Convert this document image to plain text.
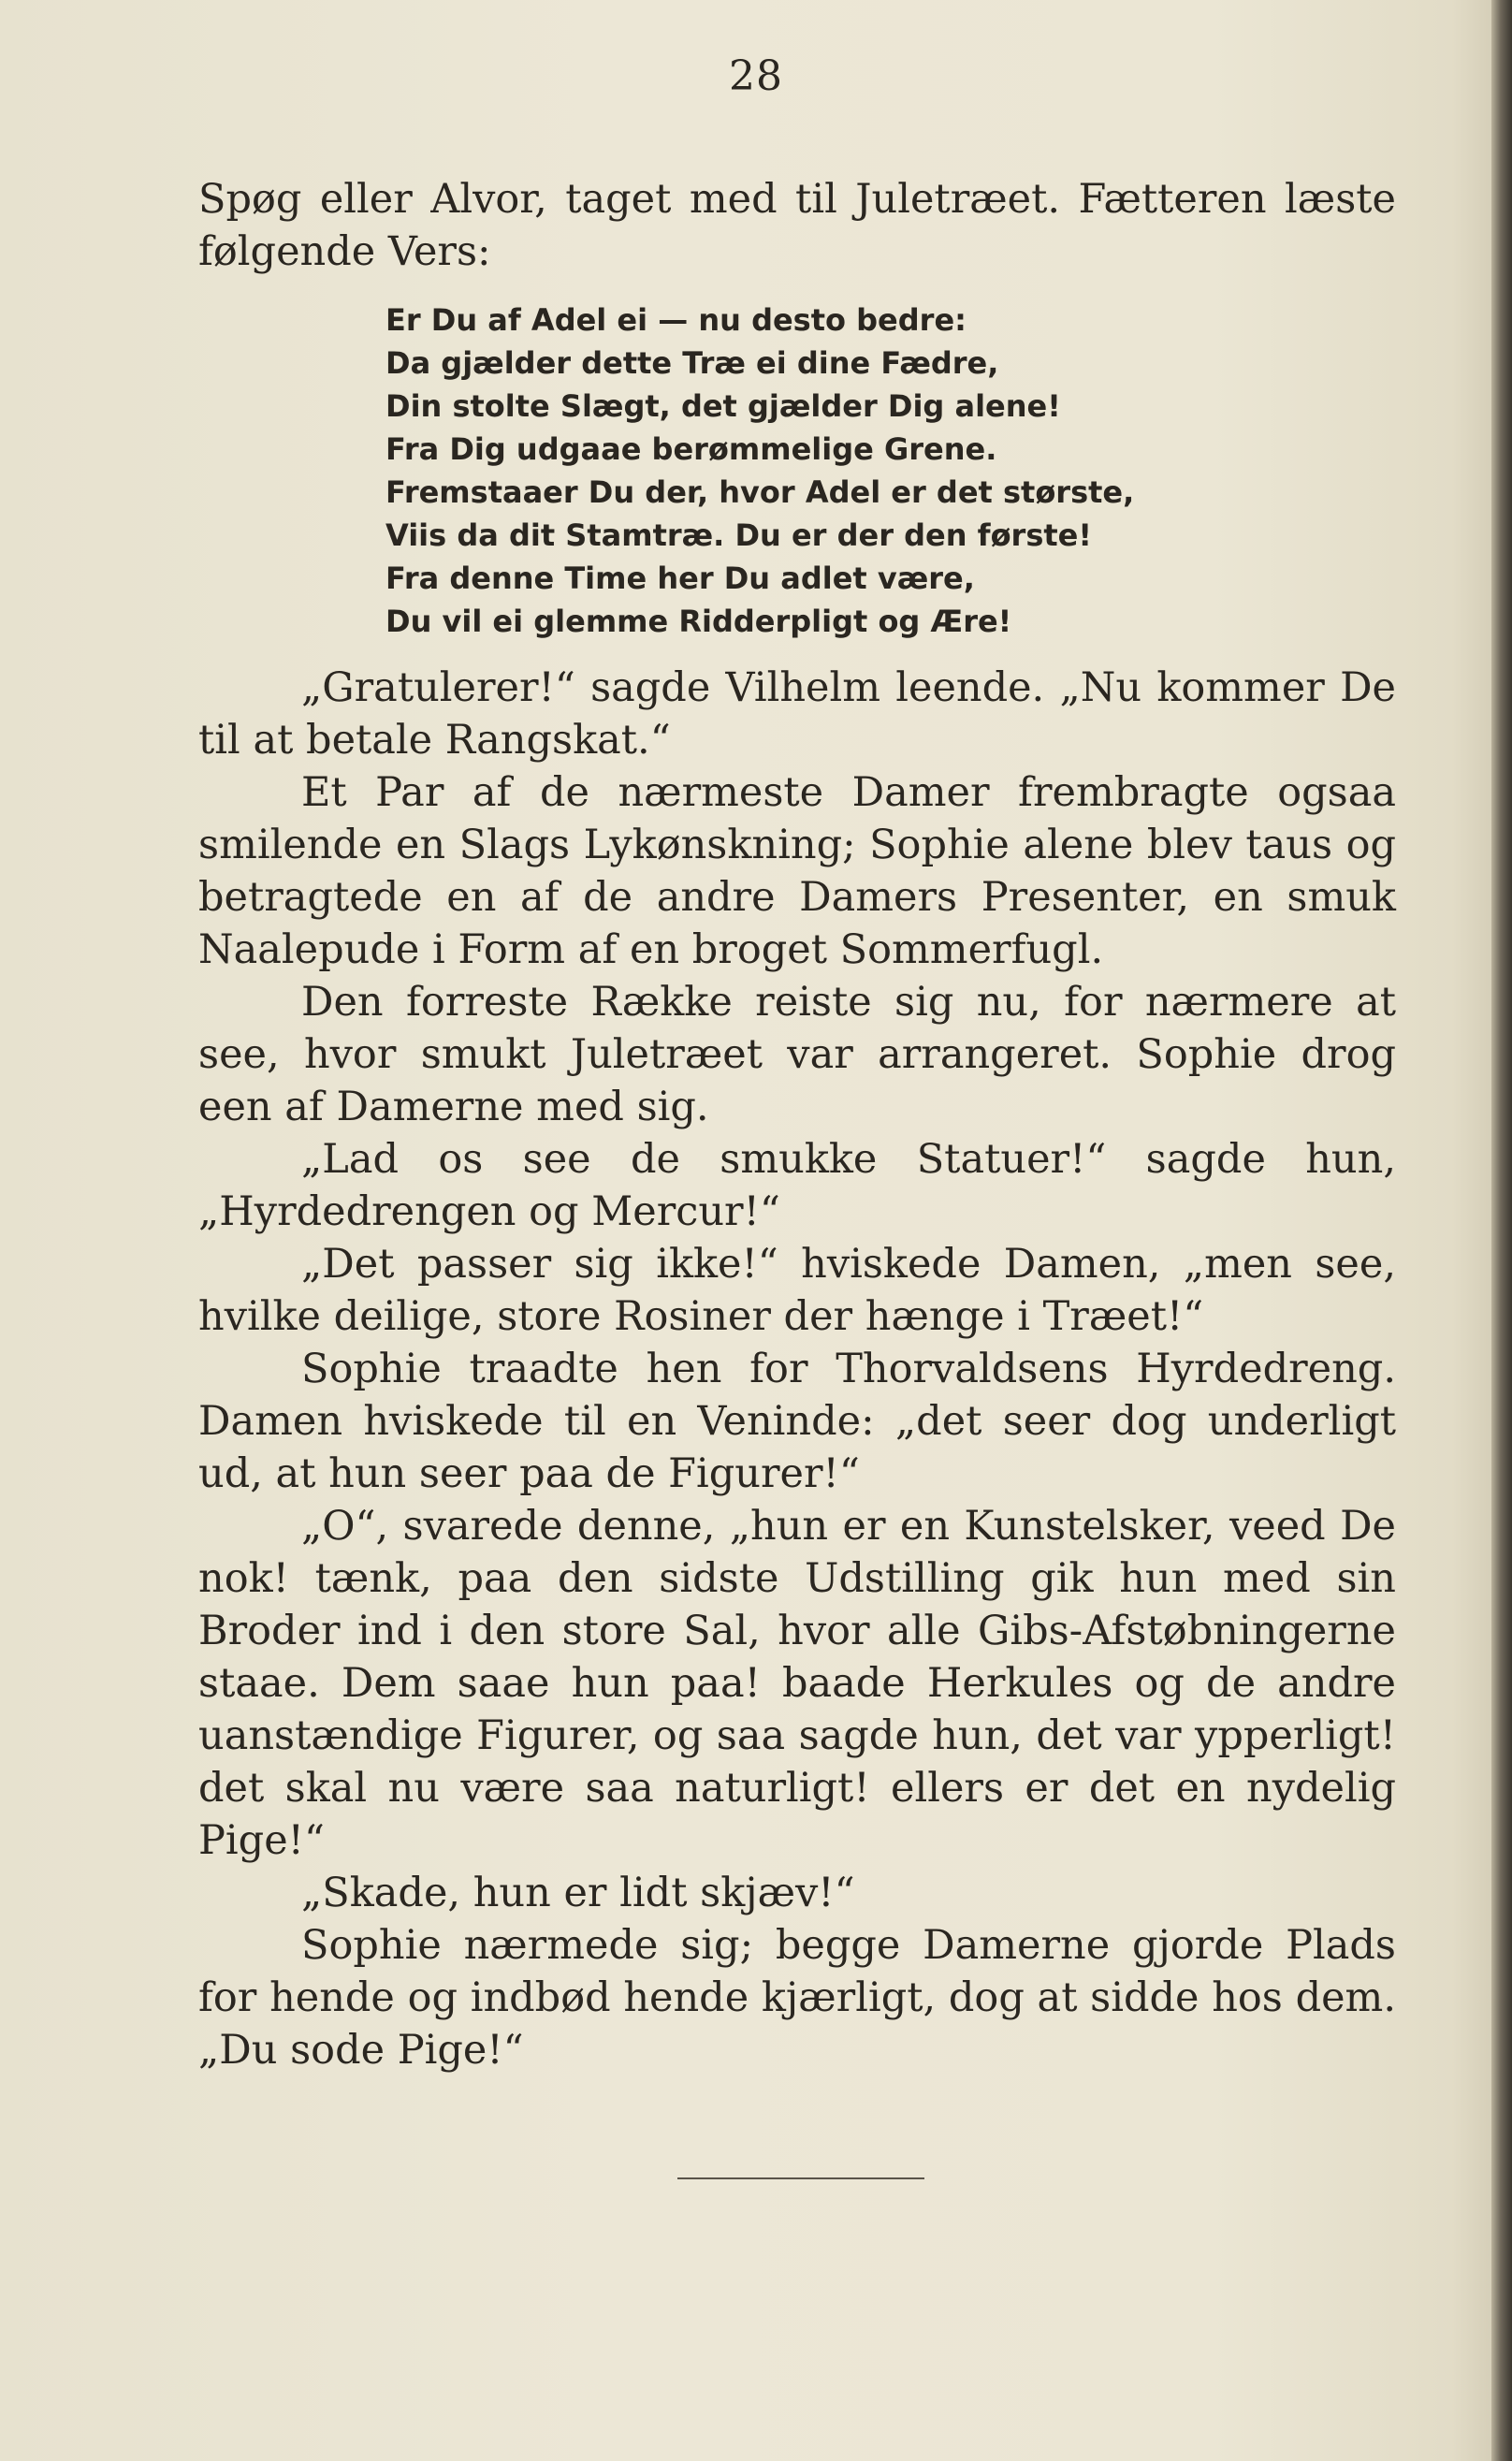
28

Spøg eller Alvor, taget med til Juletræet. Fætteren læste følgende Vers:

Er Du af Adel ei — nu desto bedre:
Da gjælder dette Træ ei dine Fædre,
Din stolte Slægt, det gjælder Dig alene!
Fra Dig udgaae berømmelige Grene.
Fremstaaer Du der, hvor Adel er det største,
Viis da dit Stamtræ. Du er der den første!
Fra denne Time her Du adlet være,
Du vil ei glemme Ridderpligt og Ære!

„Gratulerer!“ sagde Vilhelm leende. „Nu kommer De til at betale Rangskat.“

Et Par af de nærmeste Damer frembragte ogsaa smilende en Slags Lykønskning; Sophie alene blev taus og betragtede en af de andre Damers Presenter, en smuk Naalepude i Form af en broget Sommerfugl.

Den forreste Række reiste sig nu, for nærmere at see, hvor smukt Juletræet var arrangeret. Sophie drog een af Damerne med sig.

„Lad os see de smukke Statuer!“ sagde hun, „Hyrdedrengen og Mercur!“

„Det passer sig ikke!“ hviskede Damen, „men see, hvilke deilige, store Rosiner der hænge i Træet!“

Sophie traadte hen for Thorvaldsens Hyrdedreng. Damen hviskede til en Veninde: „det seer dog underligt ud, at hun seer paa de Figurer!“

„O“, svarede denne, „hun er en Kunstelsker, veed De nok! tænk, paa den sidste Udstilling gik hun med sin Broder ind i den store Sal, hvor alle Gibs-Afstøbningerne staae. Dem saae hun paa! baade Herkules og de andre uanstændige Figurer, og saa sagde hun, det var ypperligt! det skal nu være saa naturligt! ellers er det en nydelig Pige!“

„Skade, hun er lidt skjæv!“

Sophie nærmede sig; begge Damerne gjorde Plads for hende og indbød hende kjærligt, dog at sidde hos dem. „Du sode Pige!“
